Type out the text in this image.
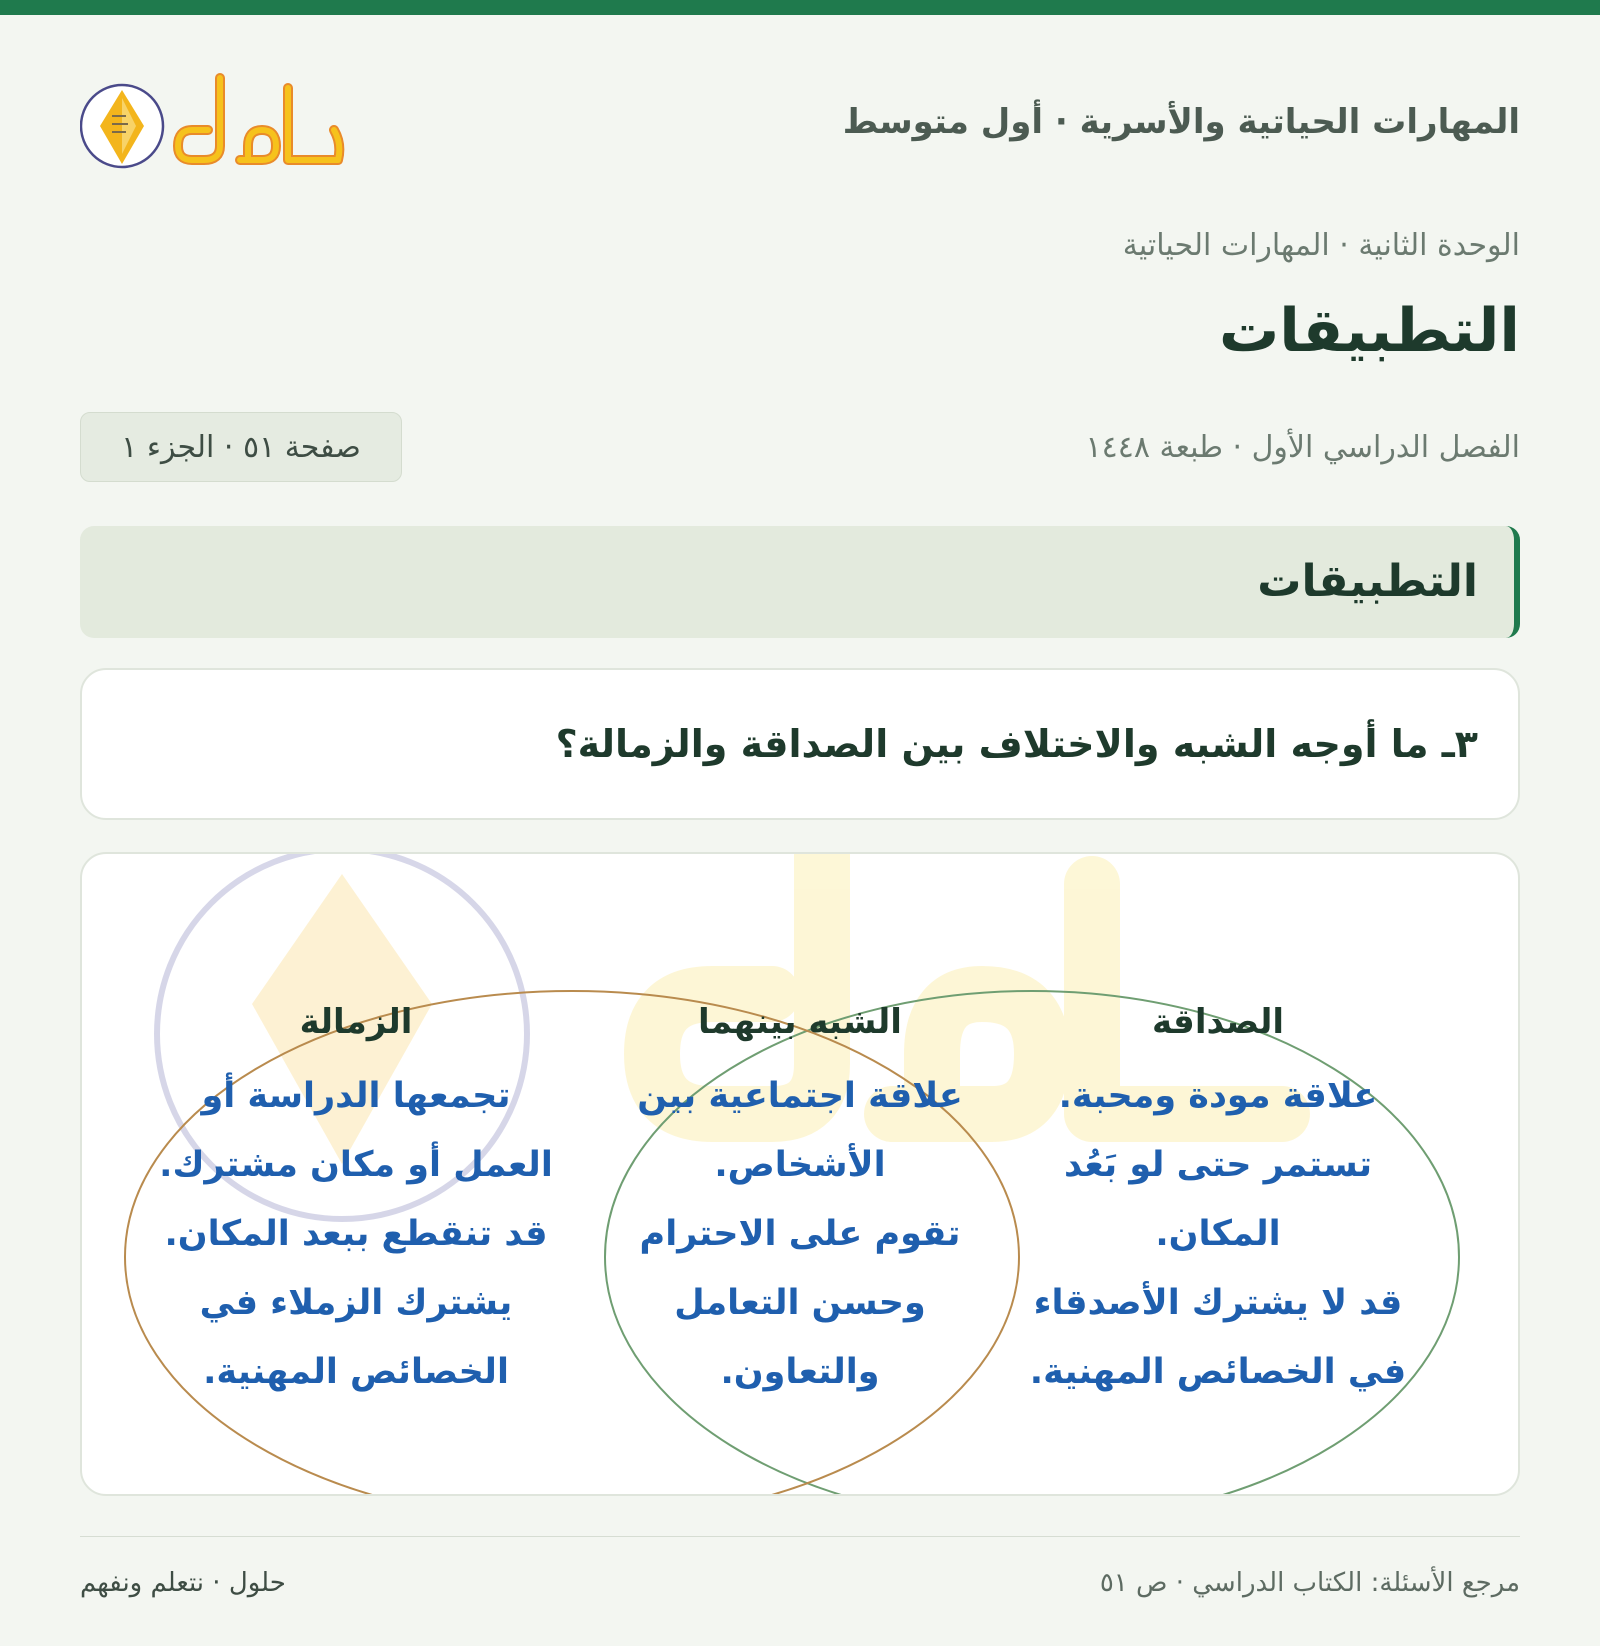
المهارات الحياتية والأسرية · أول متوسط
الوحدة الثانية · المهارات الحياتية
التطبيقات
الفصل الدراسي الأول · طبعة ١٤٤٨
صفحة ٥١ · الجزء ١
التطبيقات
٣ـ ما أوجه الشبه والاختلاف بين الصداقة والزمالة؟
الصداقة
علاقة مودة ومحبة.
تستمر حتى لو بَعُد
المكان.
قد لا يشترك الأصدقاء
في الخصائص المهنية.
الشبه بينهما
علاقة اجتماعية بين
الأشخاص.
تقوم على الاحترام
وحسن التعامل
والتعاون.
الزمالة
تجمعها الدراسة أو
العمل أو مكان مشترك.
قد تنقطع ببعد المكان.
يشترك الزملاء في
الخصائص المهنية.
مرجع الأسئلة: الكتاب الدراسي · ص ٥١
حلول · نتعلم ونفهم
